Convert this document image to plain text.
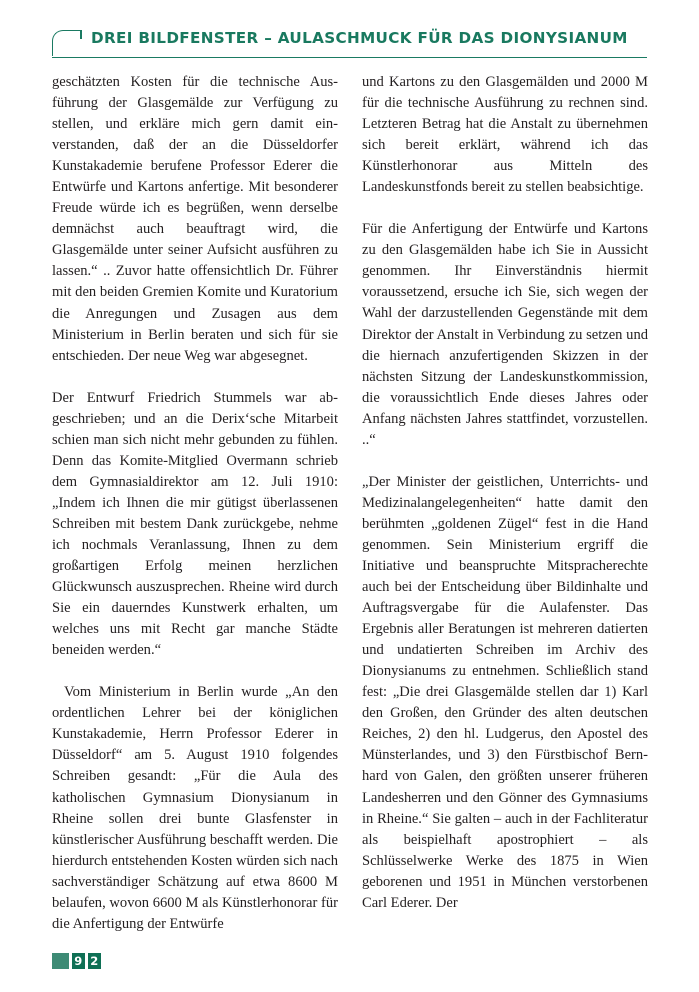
DREI BILDFENSTER – AULASCHMUCK FÜR DAS DIONYSIANUM

geschätzten Kosten für die technische Ausführung der Glasgemälde zur Verfügung zu stellen, und erkläre mich gern damit einverstanden, daß der an die Düsseldorfer Kunstakademie berufene Professor Ederer die Entwürfe und Kartons anfertige. Mit besonderer Freude würde ich es begrüßen, wenn derselbe demnächst auch beauftragt wird, die Glasgemälde unter seiner Aufsicht ausführen zu lassen.“ .. Zuvor hatte offensichtlich Dr. Führer mit den beiden Gremien Komite und Kuratorium die Anregungen und Zusagen aus dem Ministerium in Berlin beraten und sich für sie entschieden. Der neue Weg war abgesegnet.

Der Entwurf Friedrich Stummels war abgeschrieben; und an die Derix‘sche Mitarbeit schien man sich nicht mehr gebunden zu fühlen. Denn das Komite-Mitglied Overmann schrieb dem Gymnasialdirektor am 12. Juli 1910: „Indem ich Ihnen die mir gütigst überlassenen Schreiben mit bestem Dank zurückgebe, nehme ich nochmals Veranlassung, Ihnen zu dem großartigen Erfolg meinen herzlichen Glückwunsch auszusprechen. Rheine wird durch Sie ein dauerndes Kunstwerk erhalten, um welches uns mit Recht gar manche Städte beneiden werden.“

Vom Ministerium in Berlin wurde „An den ordentlichen Lehrer bei der königlichen Kunstakademie, Herrn Professor Ederer in Düsseldorf“ am 5. August 1910 folgendes Schreiben gesandt: „Für die Aula des katholischen Gymnasium Dionysianum in Rheine sollen drei bunte Glasfenster in künstlerischer Ausführung beschafft werden. Die hierdurch entstehenden Kosten würden sich nach sachverständiger Schätzung auf etwa 8600 M belaufen, wovon 6600 M als Künstlerhonorar für die Anfertigung der Entwürfe

und Kartons zu den Glasgemälden und 2000 M für die technische Ausführung zu rechnen sind. Letzteren Betrag hat die Anstalt zu übernehmen sich bereit erklärt, während ich das Künstlerhonorar aus Mitteln des Landeskunstfonds bereit zu stellen beabsichtige.

Für die Anfertigung der Entwürfe und Kartons zu den Glasgemälden habe ich Sie in Aussicht genommen. Ihr Einverständnis hiermit voraussetzend, ersuche ich Sie, sich wegen der Wahl der darzustellenden Gegenstände mit dem Direktor der Anstalt in Verbindung zu setzen und die hiernach anzufertigenden Skizzen in der nächsten Sitzung der Landeskunstkommission, die voraussichtlich Ende dieses Jahres oder Anfang nächsten Jahres stattfindet, vorzustellen. ..“

„Der Minister der geistlichen, Unterrichts- und Medizinalangelegenheiten“ hatte damit den berühmten „goldenen Zügel“ fest in die Hand genommen. Sein Ministerium ergriff die Initiative und beanspruchte Mitspracherechte auch bei der Entscheidung über Bildinhalte und Auftragsvergabe für die Aulafenster. Das Ergebnis aller Beratungen ist mehreren datierten und undatierten Schreiben im Archiv des Dionysianums zu entnehmen. Schließlich stand fest: „Die drei Glasgemälde stellen dar 1) Karl den Großen, den Gründer des alten deutschen Reiches, 2) den hl. Ludgerus, den Apostel des Münsterlandes, und 3) den Fürstbischof Bernhard von Galen, den größten unserer früheren Landesherren und den Gönner des Gymnasiums in Rheine.“ Sie galten – auch in der Fachliteratur als beispielhaft apostrophiert – als Schlüsselwerke Werke des 1875 in Wien geborenen und 1951 in München verstorbenen Carl Ederer. Der

9 2
